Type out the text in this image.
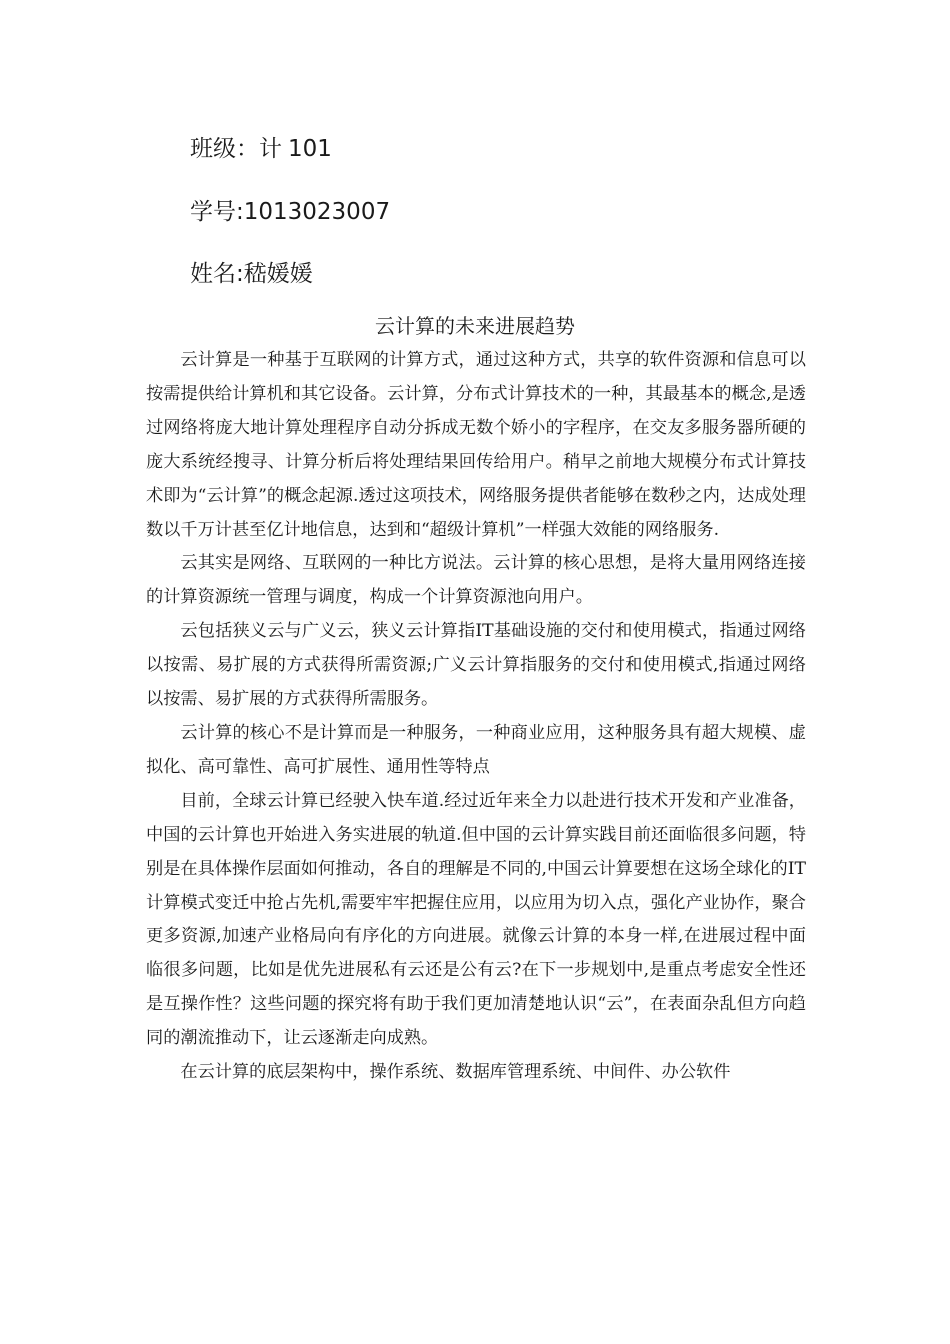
班级：计 101
学号:1013023007
姓名:嵇媛媛
云计算的未来进展趋势

云计算是一种基于互联网的计算方式，通过这种方式，共享的软件资源和信息可以按需提供给计算机和其它设备。云计算，分布式计算技术的一种，其最基本的概念,是透过网络将庞大地计算处理程序自动分拆成无数个娇小的字程序，在交友多服务器所硬的庞大系统经搜寻、计算分析后将处理结果回传给用户。稍早之前地大规模分布式计算技术即为“云计算”的概念起源.透过这项技术，网络服务提供者能够在数秒之内，达成处理数以千万计甚至亿计地信息，达到和“超级计算机”一样强大效能的网络服务.

云其实是网络、互联网的一种比方说法。云计算的核心思想，是将大量用网络连接的计算资源统一管理与调度，构成一个计算资源池向用户。

云包括狭义云与广义云，狭义云计算指IT基础设施的交付和使用模式，指通过网络以按需、易扩展的方式获得所需资源;广义云计算指服务的交付和使用模式,指通过网络以按需、易扩展的方式获得所需服务。

云计算的核心不是计算而是一种服务，一种商业应用，这种服务具有超大规模、虚拟化、高可靠性、高可扩展性、通用性等特点

目前，全球云计算已经驶入快车道.经过近年来全力以赴进行技术开发和产业准备，中国的云计算也开始进入务实进展的轨道.但中国的云计算实践目前还面临很多问题，特别是在具体操作层面如何推动，各自的理解是不同的,中国云计算要想在这场全球化的IT计算模式变迁中抢占先机,需要牢牢把握住应用，以应用为切入点，强化产业协作，聚合更多资源,加速产业格局向有序化的方向进展。就像云计算的本身一样,在进展过程中面临很多问题，比如是优先进展私有云还是公有云?在下一步规划中,是重点考虑安全性还是互操作性？这些问题的探究将有助于我们更加清楚地认识“云”，在表面杂乱但方向趋同的潮流推动下，让云逐渐走向成熟。

在云计算的底层架构中，操作系统、数据库管理系统、中间件、办公软件
